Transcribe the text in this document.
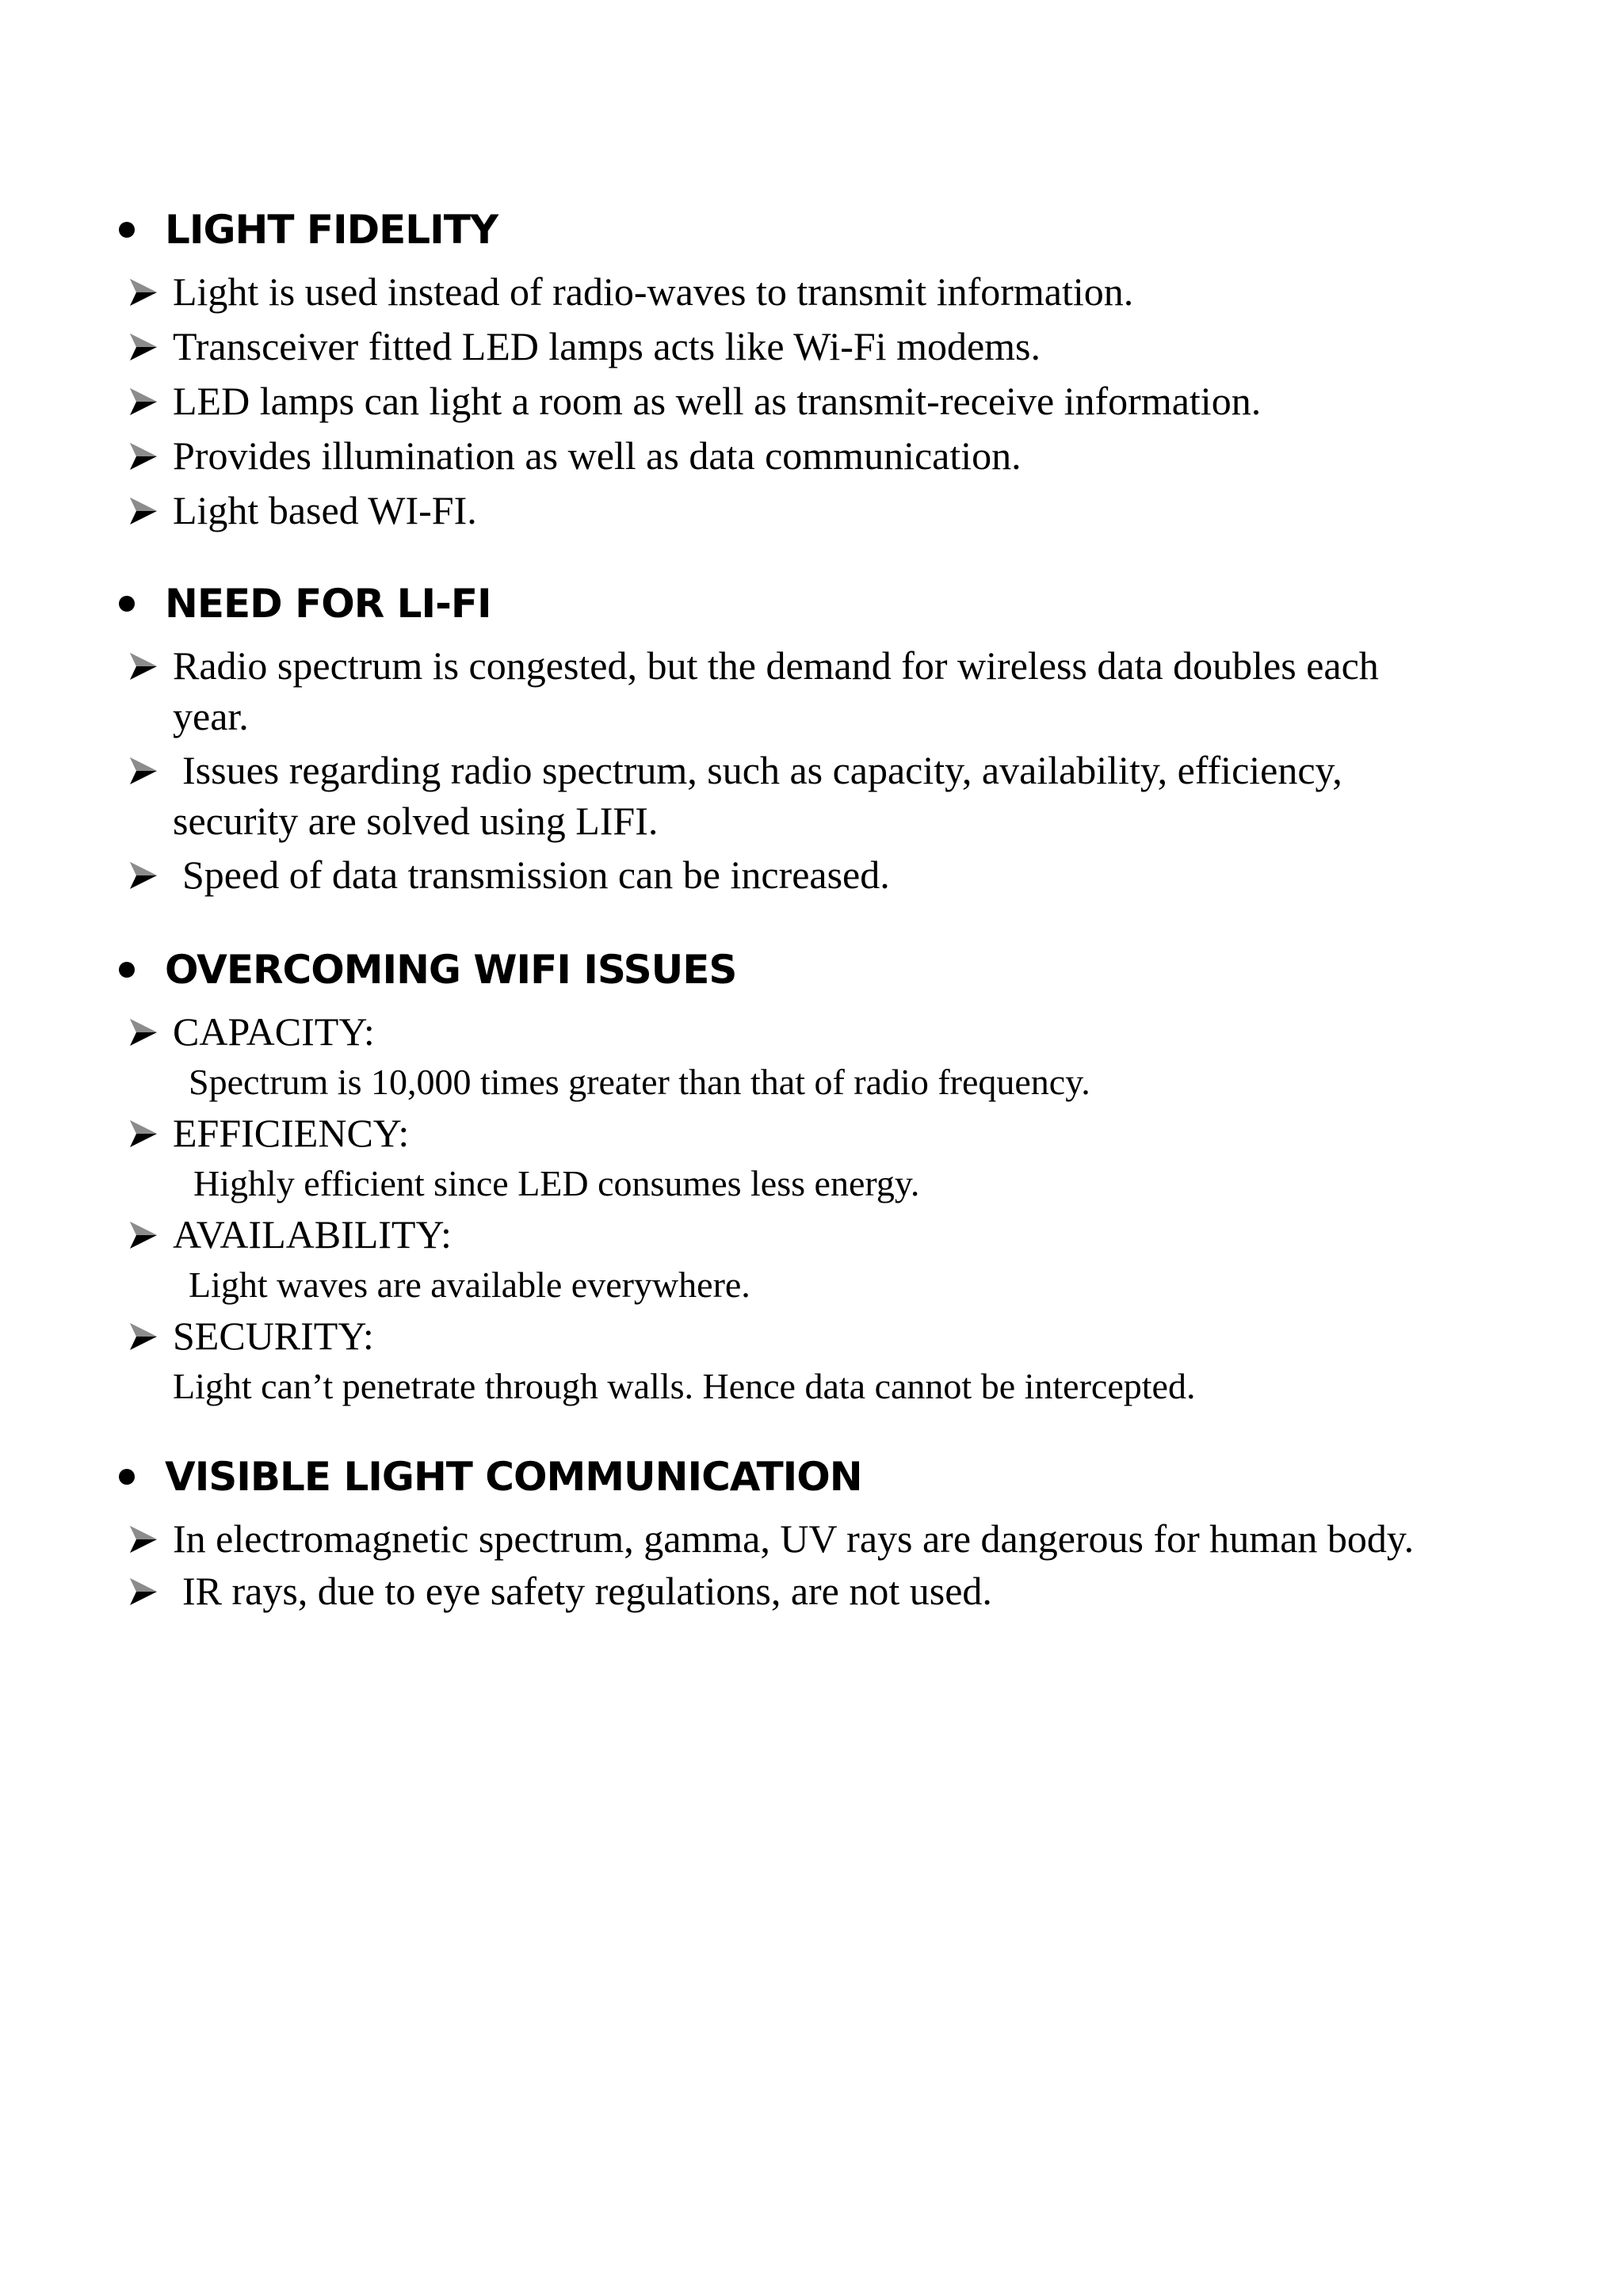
LIGHT FIDELITY
Light is used instead of radio-waves to transmit information.
Transceiver fitted LED lamps acts like Wi-Fi modems.
LED lamps can light a room as well as transmit-receive information.
Provides illumination as well as data communication.
Light based WI-FI.
NEED FOR LI-FI
Radio spectrum is congested, but the demand for wireless data doubles each
year.
Issues regarding radio spectrum, such as capacity, availability, efficiency,
security are solved using LIFI.
Speed of data transmission can be increased.
OVERCOMING WIFI ISSUES
CAPACITY:
Spectrum is 10,000 times greater than that of radio frequency.
EFFICIENCY:
Highly efficient since LED consumes less energy.
AVAILABILITY:
Light waves are available everywhere.
SECURITY:
Light can’t penetrate through walls. Hence data cannot be intercepted.
VISIBLE LIGHT COMMUNICATION
In electromagnetic spectrum, gamma, UV rays are dangerous for human body.
IR rays, due to eye safety regulations, are not used.
